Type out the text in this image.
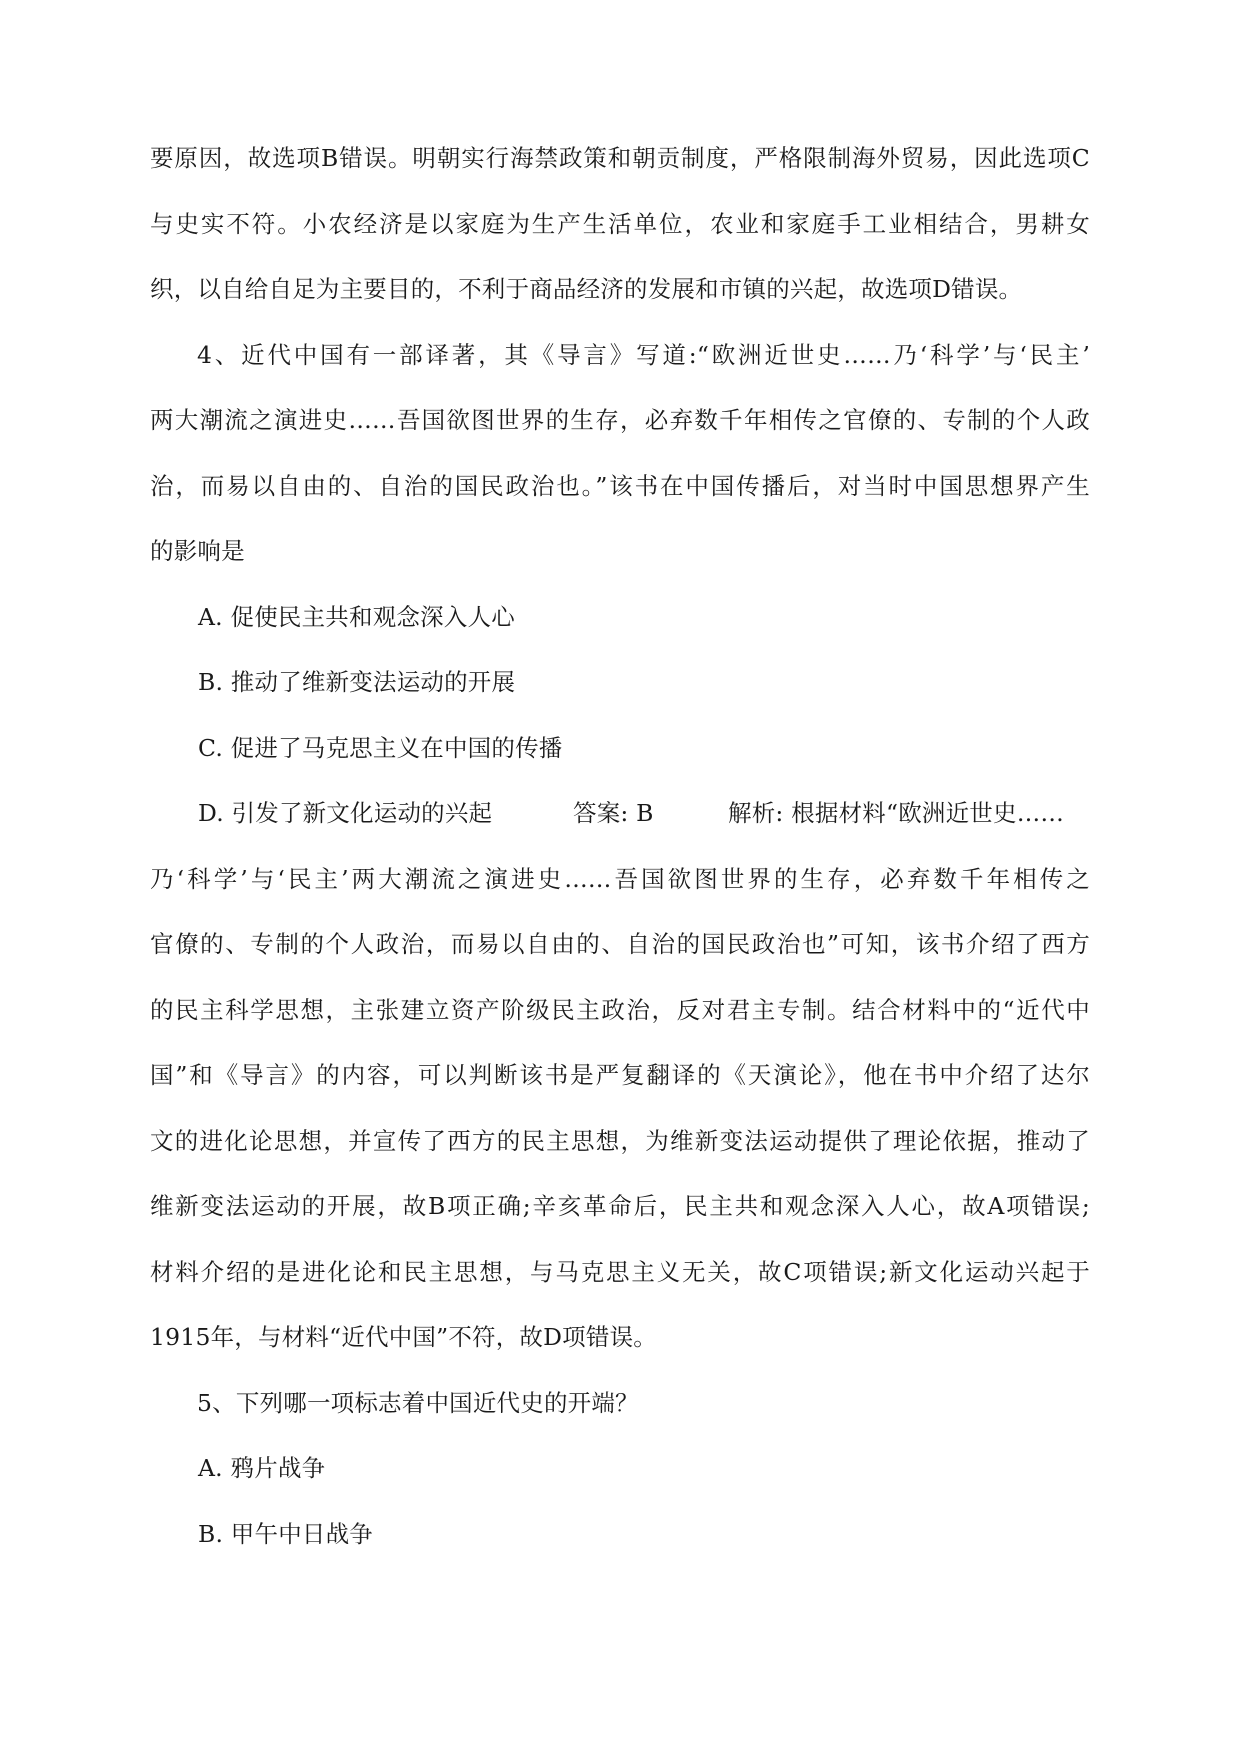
要原因，故选项B错误。明朝实行海禁政策和朝贡制度，严格限制海外贸易，因此选项C
与史实不符。小农经济是以家庭为生产生活单位，农业和家庭手工业相结合，男耕女
织，以自给自足为主要目的，不利于商品经济的发展和市镇的兴起，故选项D错误。
4、近代中国有一部译著，其《导言》写道:“欧洲近世史……乃‘科学’与‘民主’
两大潮流之演进史……吾国欲图世界的生存，必弃数千年相传之官僚的、专制的个人政
治，而易以自由的、自治的国民政治也。”该书在中国传播后，对当时中国思想界产生
的影响是
A. 促使民主共和观念深入人心
B. 推动了维新变法运动的开展
C. 促进了马克思主义在中国的传播
D. 引发了新文化运动的兴起	答案: B	解析: 根据材料“欧洲近世史……
乃‘科学’与‘民主’两大潮流之演进史……吾国欲图世界的生存，必弃数千年相传之
官僚的、专制的个人政治，而易以自由的、自治的国民政治也”可知，该书介绍了西方
的民主科学思想，主张建立资产阶级民主政治，反对君主专制。结合材料中的“近代中
国”和《导言》的内容，可以判断该书是严复翻译的《天演论》，他在书中介绍了达尔
文的进化论思想，并宣传了西方的民主思想，为维新变法运动提供了理论依据，推动了
维新变法运动的开展，故B项正确;辛亥革命后，民主共和观念深入人心，故A项错误;
材料介绍的是进化论和民主思想，与马克思主义无关，故C项错误;新文化运动兴起于
1915年，与材料“近代中国”不符，故D项错误。
5、下列哪一项标志着中国近代史的开端？
A. 鸦片战争
B. 甲午中日战争
